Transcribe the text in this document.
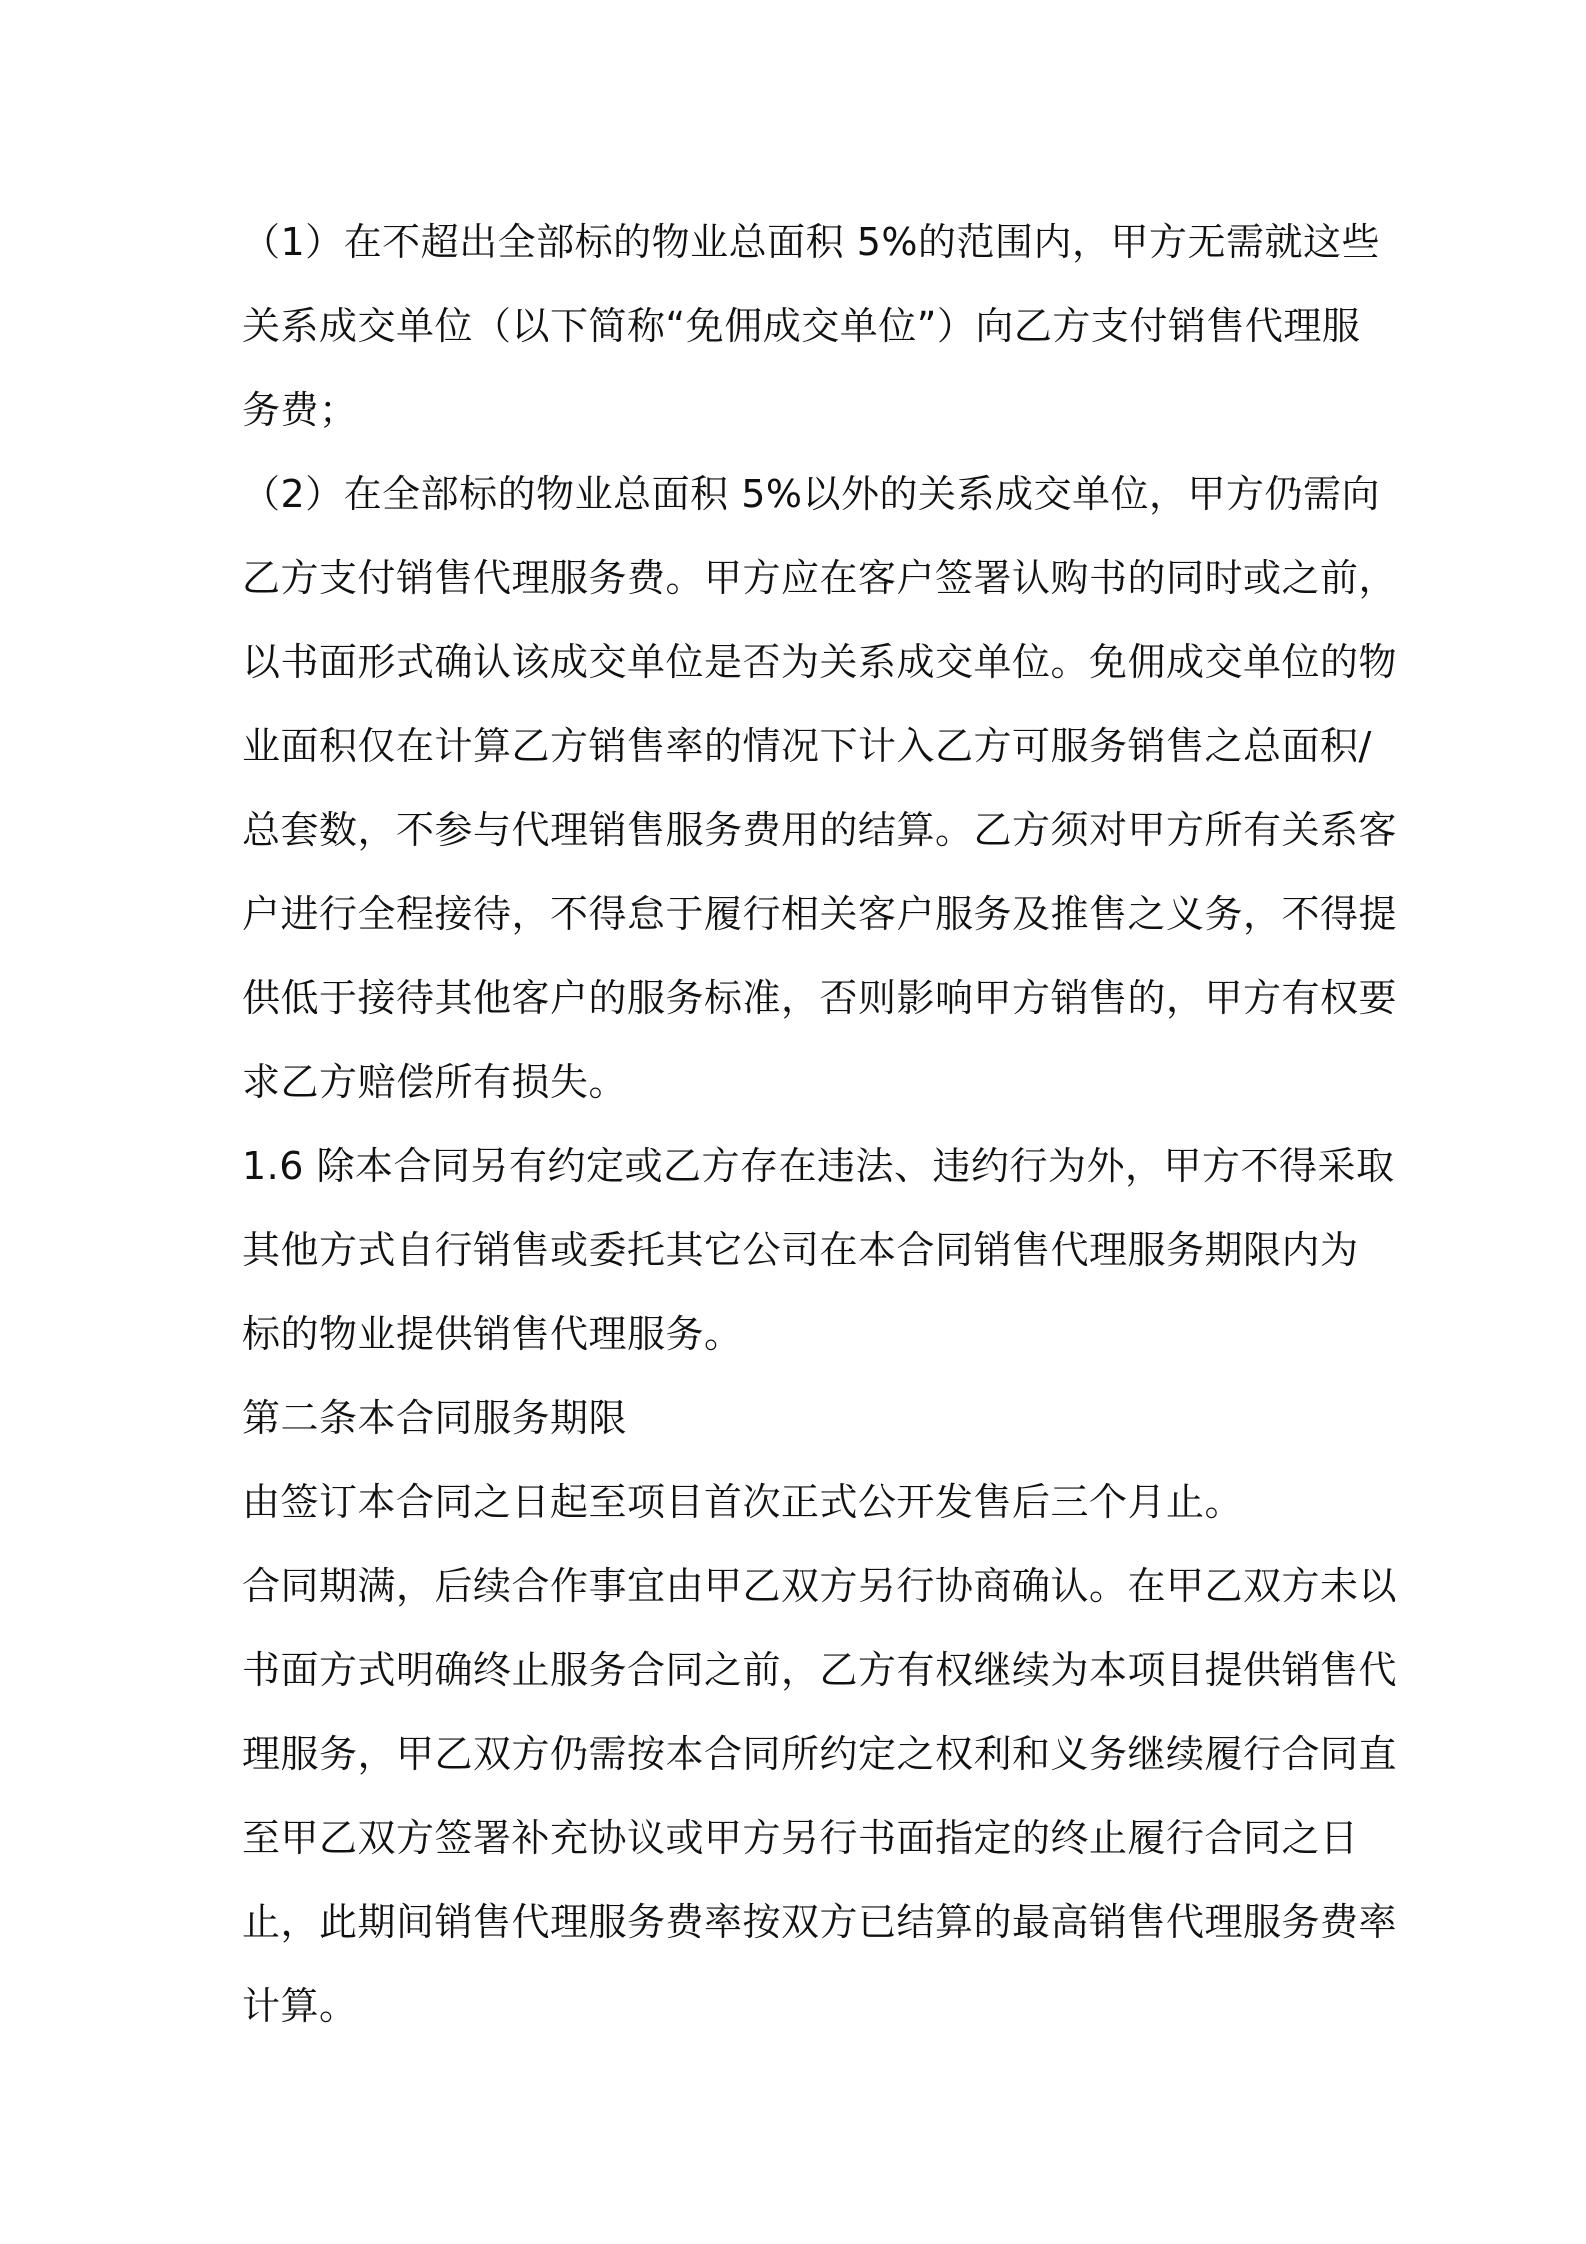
（1）在不超出全部标的物业总面积 5%的范围内，甲方无需就这些
关系成交单位（以下简称“免佣成交单位”）向乙方支付销售代理服
务费；
（2）在全部标的物业总面积 5%以外的关系成交单位，甲方仍需向
乙方支付销售代理服务费。甲方应在客户签署认购书的同时或之前，
以书面形式确认该成交单位是否为关系成交单位。免佣成交单位的物
业面积仅在计算乙方销售率的情况下计入乙方可服务销售之总面积/
总套数，不参与代理销售服务费用的结算。乙方须对甲方所有关系客
户进行全程接待，不得怠于履行相关客户服务及推售之义务，不得提
供低于接待其他客户的服务标准，否则影响甲方销售的，甲方有权要
求乙方赔偿所有损失。
1.6 除本合同另有约定或乙方存在违法、违约行为外，甲方不得采取
其他方式自行销售或委托其它公司在本合同销售代理服务期限内为
标的物业提供销售代理服务。
第二条本合同服务期限
由签订本合同之日起至项目首次正式公开发售后三个月止。
合同期满，后续合作事宜由甲乙双方另行协商确认。在甲乙双方未以
书面方式明确终止服务合同之前，乙方有权继续为本项目提供销售代
理服务，甲乙双方仍需按本合同所约定之权利和义务继续履行合同直
至甲乙双方签署补充协议或甲方另行书面指定的终止履行合同之日
止，此期间销售代理服务费率按双方已结算的最高销售代理服务费率
计算。
